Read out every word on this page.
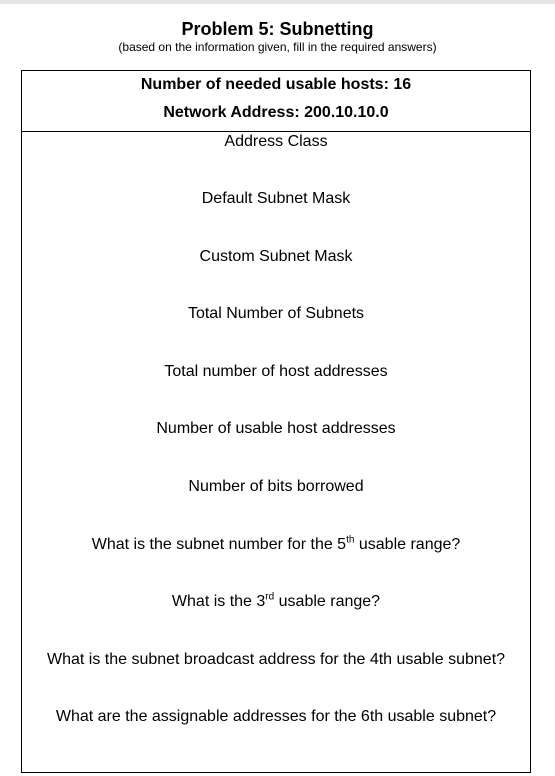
Problem 5: Subnetting
(based on the information given, fill in the required answers)
Number of needed usable hosts: 16
Network Address: 200.10.10.0
Address Class
Default Subnet Mask
Custom Subnet Mask
Total Number of Subnets
Total number of host addresses
Number of usable host addresses
Number of bits borrowed
What is the subnet number for the 5th usable range?
What is the 3rd usable range?
What is the subnet broadcast address for the 4th usable subnet?
What are the assignable addresses for the 6th usable subnet?
